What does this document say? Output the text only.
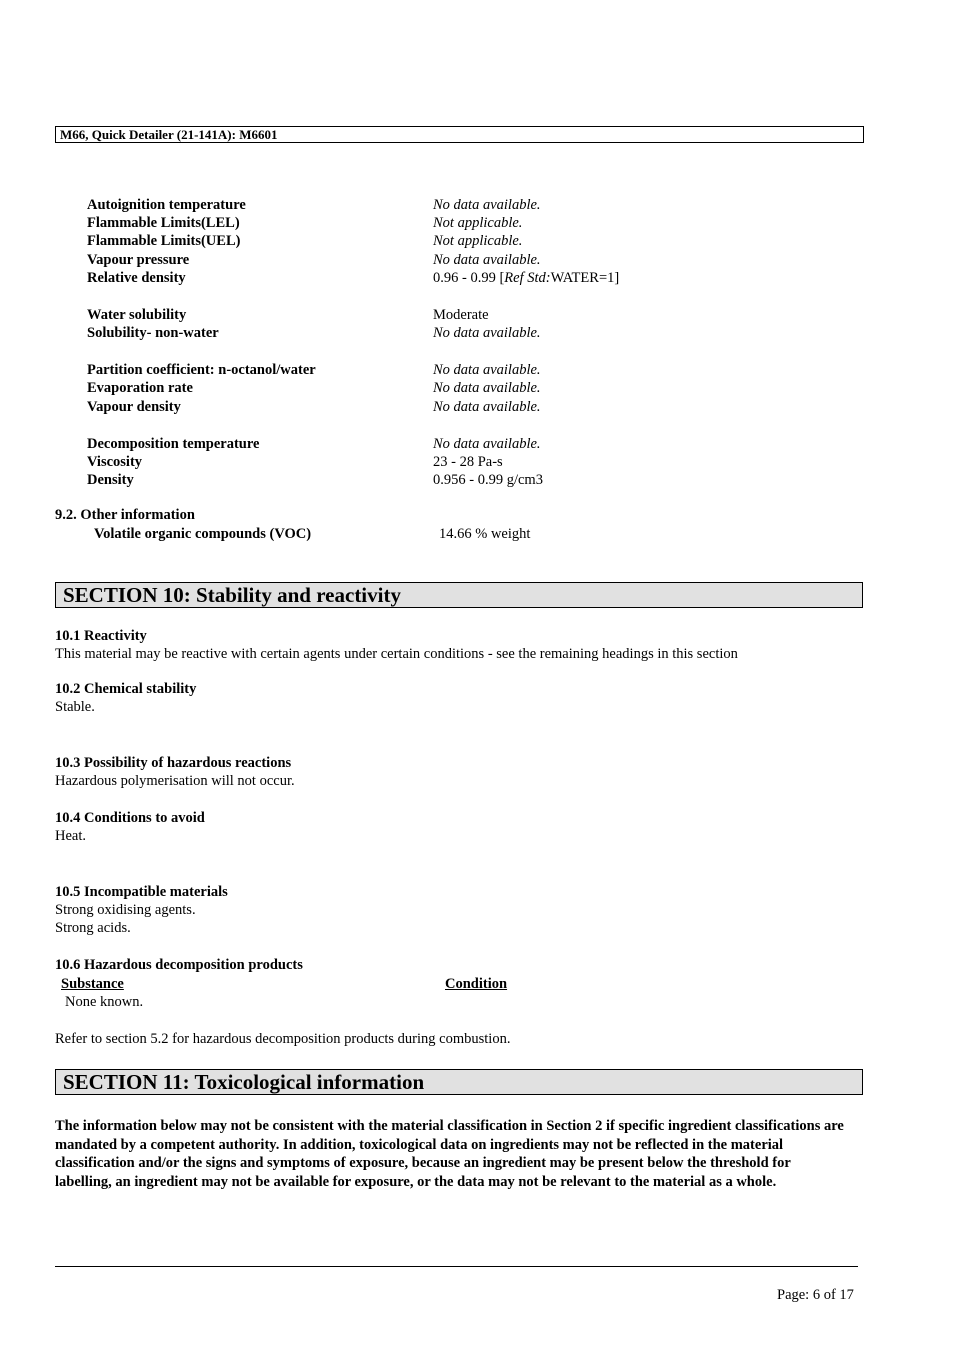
M66, Quick Detailer (21-141A): M6601
Autoignition temperature	No data available.
Flammable Limits(LEL)	Not applicable.
Flammable Limits(UEL)	Not applicable.
Vapour pressure	No data available.
Relative density	0.96 - 0.99 [Ref Std:WATER=1]
Water solubility	Moderate
Solubility- non-water	No data available.
Partition coefficient: n-octanol/water	No data available.
Evaporation rate	No data available.
Vapour density	No data available.
Decomposition temperature	No data available.
Viscosity	23 - 28 Pa-s
Density	0.956 - 0.99 g/cm3
9.2. Other information
Volatile organic compounds (VOC)	14.66 % weight
SECTION 10: Stability and reactivity
10.1 Reactivity
This material may be reactive with certain agents under certain conditions - see the remaining headings in this section
10.2 Chemical stability
Stable.
10.3 Possibility of hazardous reactions
Hazardous polymerisation will not occur.
10.4 Conditions to avoid
Heat.
10.5 Incompatible materials
Strong oxidising agents.
Strong acids.
10.6 Hazardous decomposition products
Substance	Condition
None known.
Refer to section 5.2 for hazardous decomposition products during combustion.
SECTION 11: Toxicological information
The information below may not be consistent with the material classification in Section 2 if specific ingredient classifications are mandated by a competent authority. In addition, toxicological data on ingredients may not be reflected in the material classification and/or the signs and symptoms of exposure, because an ingredient may be present below the threshold for labelling, an ingredient may not be available for exposure, or the data may not be relevant to the material as a whole.
Page: 6 of 17
